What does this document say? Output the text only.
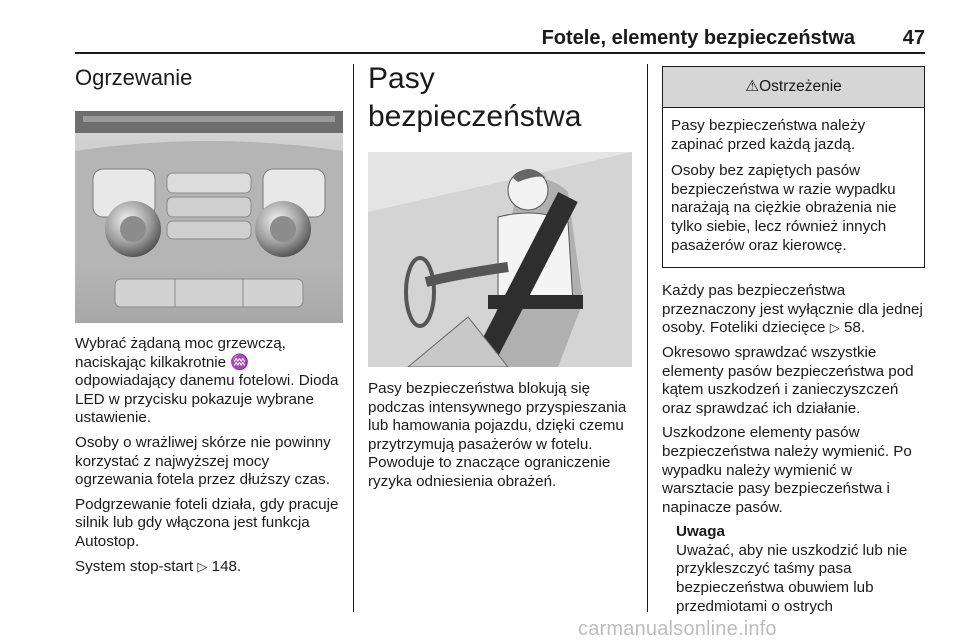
Fotele, elementy bezpieczeństwa 47
Ogrzewanie

Wybrać żądaną moc grzewczą, naciskając kilkakrotnie ♒ odpowiadający danemu fotelowi. Dioda LED w przycisku pokazuje wybrane ustawienie.

Osoby o wrażliwej skórze nie powinny korzystać z najwyższej mocy ogrzewania fotela przez dłuższy czas.

Podgrzewanie foteli działa, gdy pracuje silnik lub gdy włączona jest funkcja Autostop.

System stop-start ▷ 148.

Pasy bezpieczeństwa

Pasy bezpieczeństwa blokują się podczas intensywnego przyspieszania lub hamowania pojazdu, dzięki czemu przytrzymują pasażerów w fotelu. Powoduje to znaczące ograniczenie ryzyka odniesienia obrażeń.

⚠Ostrzeżenie

Pasy bezpieczeństwa należy zapinać przed każdą jazdą.

Osoby bez zapiętych pasów bezpieczeństwa w razie wypadku narażają na ciężkie obrażenia nie tylko siebie, lecz również innych pasażerów oraz kierowcę.

Każdy pas bezpieczeństwa przeznaczony jest wyłącznie dla jednej osoby. Foteliki dziecięce ▷ 58.

Okresowo sprawdzać wszystkie elementy pasów bezpieczeństwa pod kątem uszkodzeń i zanieczyszczeń oraz sprawdzać ich działanie.

Uszkodzone elementy pasów bezpieczeństwa należy wymienić. Po wypadku należy wymienić w warsztacie pasy bezpieczeństwa i napinacze pasów.

Uwaga

Uważać, aby nie uszkodzić lub nie przykleszczyć taśmy pasa bezpieczeństwa obuwiem lub przedmiotami o ostrych

carmanualsonline.info
